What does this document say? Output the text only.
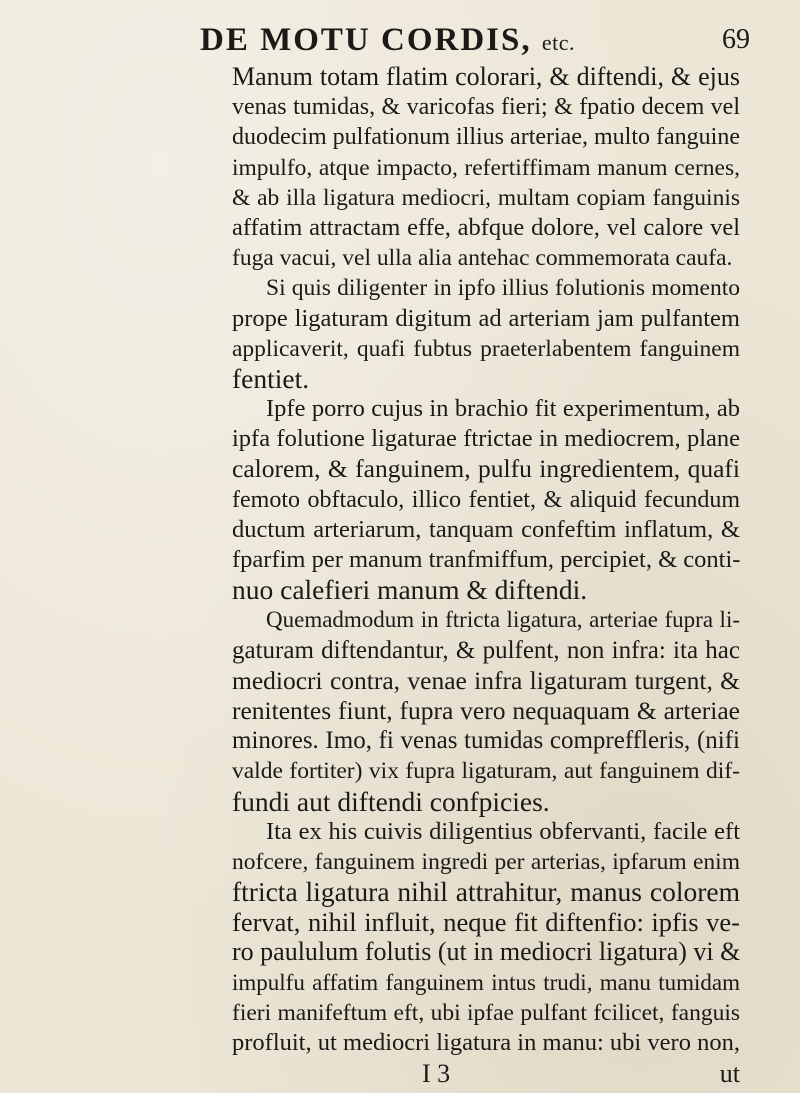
DE MOTU CORDIS, etc.	69
Manum totam flatim colorari, & diftendi, & ejus
venas tumidas, & varicofas fieri; & fpatio decem vel
duodecim pulfationum illius arteriae, multo fanguine
impulfo, atque impacto, refertiffimam manum cernes,
& ab illa ligatura mediocri, multam copiam fanguinis
affatim attractam effe, abfque dolore, vel calore vel
fuga vacui, vel ulla alia antehac commemorata caufa.
Si quis diligenter in ipfo illius folutionis momento
prope ligaturam digitum ad arteriam jam pulfantem
applicaverit, quafi fubtus praeterlabentem fanguinem
fentiet.
Ipfe porro cujus in brachio fit experimentum, ab
ipfa folutione ligaturae ftrictae in mediocrem, plane
calorem, & fanguinem, pulfu ingredientem, quafi
femoto obftaculo, illico fentiet, & aliquid fecundum
ductum arteriarum, tanquam confeftim inflatum, &
fparfim per manum tranfmiffum, percipiet, & conti-
nuo calefieri manum & diftendi.
Quemadmodum in ftricta ligatura, arteriae fupra li-
gaturam diftendantur, & pulfent, non infra: ita hac
mediocri contra, venae infra ligaturam turgent, &
renitentes fiunt, fupra vero nequaquam & arteriae
minores. Imo, fi venas tumidas compreffleris, (nifi
valde fortiter) vix fupra ligaturam, aut fanguinem dif-
fundi aut diftendi confpicies.
Ita ex his cuivis diligentius obfervanti, facile eft
nofcere, fanguinem ingredi per arterias, ipfarum enim
ftricta ligatura nihil attrahitur, manus colorem
fervat, nihil influit, neque fit diftenfio: ipfis ve-
ro paululum folutis (ut in mediocri ligatura) vi &
impulfu affatim fanguinem intus trudi, manu tumidam
fieri manifeftum eft, ubi ipfae pulfant fcilicet, fanguis
profluit, ut mediocri ligatura in manu: ubi vero non,
I 3	ut
